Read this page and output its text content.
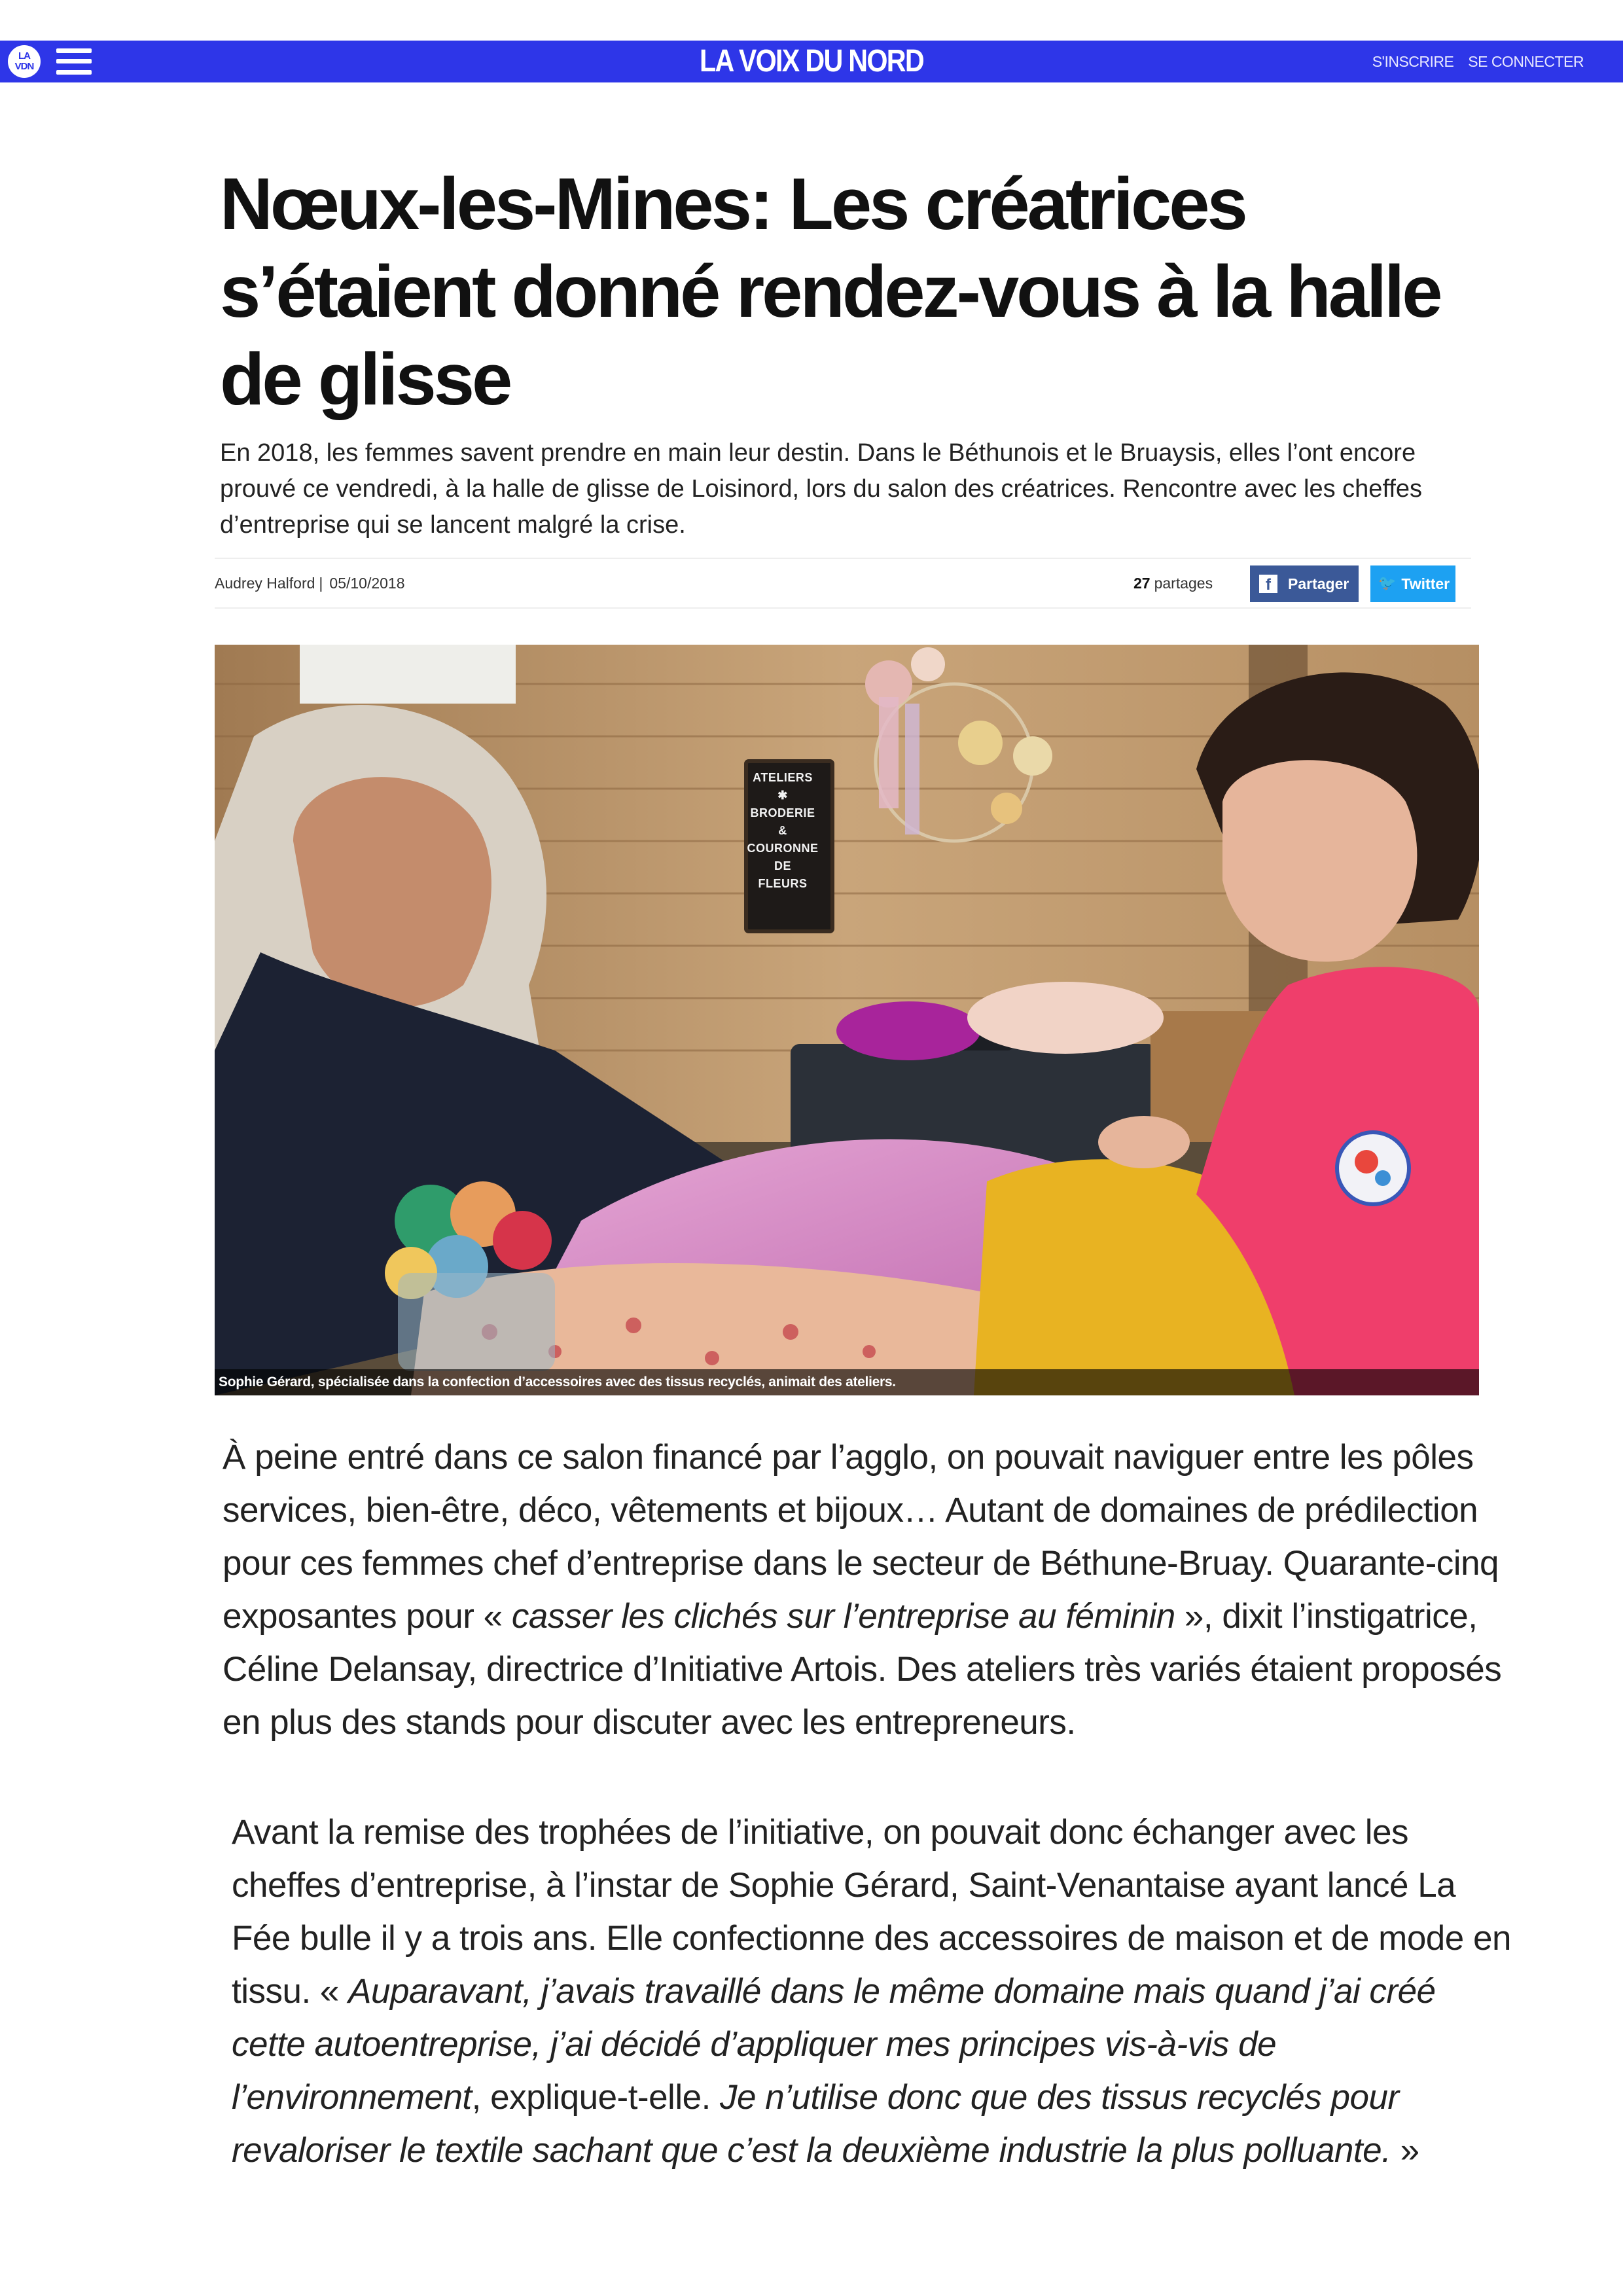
LA
VDN	LA VOIX DU NORD	S'INSCRIRE SE CONNECTER
Nœux-les-Mines: Les créatrices s’étaient donné rendez-vous à la halle de glisse

En 2018, les femmes savent prendre en main leur destin. Dans le Béthunois et le Bruaysis, elles l’ont encore prouvé ce vendredi, à la halle de glisse de Loisinord, lors du salon des créatrices. Rencontre avec les cheffes d’entreprise qui se lancent malgré la crise.

Audrey Halford | 05/10/2018	27 partages	f	Partager 🐦 Twitter
ATELIERS
✱
BRODERIE
&
COURONNE
DE
FLEURS
Sophie Gérard, spécialisée dans la confection d’accessoires avec des tissus recyclés, animait des ateliers.

À peine entré dans ce salon financé par l’agglo, on pouvait naviguer entre les pôles services, bien-être, déco, vêtements et bijoux… Autant de domaines de prédilection pour ces femmes chef d’entreprise dans le secteur de Béthune-Bruay. Quarante-cinq exposantes pour « casser les clichés sur l’entreprise au féminin », dixit l’instigatrice, Céline Delansay, directrice d’Initiative Artois. Des ateliers très variés étaient proposés en plus des stands pour discuter avec les entrepreneurs.

Avant la remise des trophées de l’initiative, on pouvait donc échanger avec les cheffes d’entreprise, à l’instar de Sophie Gérard, Saint-Venantaise ayant lancé La Fée bulle il y a trois ans. Elle confectionne des accessoires de maison et de mode en tissu. « Auparavant, j’avais travaillé dans le même domaine mais quand j’ai créé cette autoentreprise, j’ai décidé d’appliquer mes principes vis-à-vis de l’environnement, explique-t-elle. Je n’utilise donc que des tissus recyclés pour revaloriser le textile sachant que c’est la deuxième industrie la plus polluante. »
